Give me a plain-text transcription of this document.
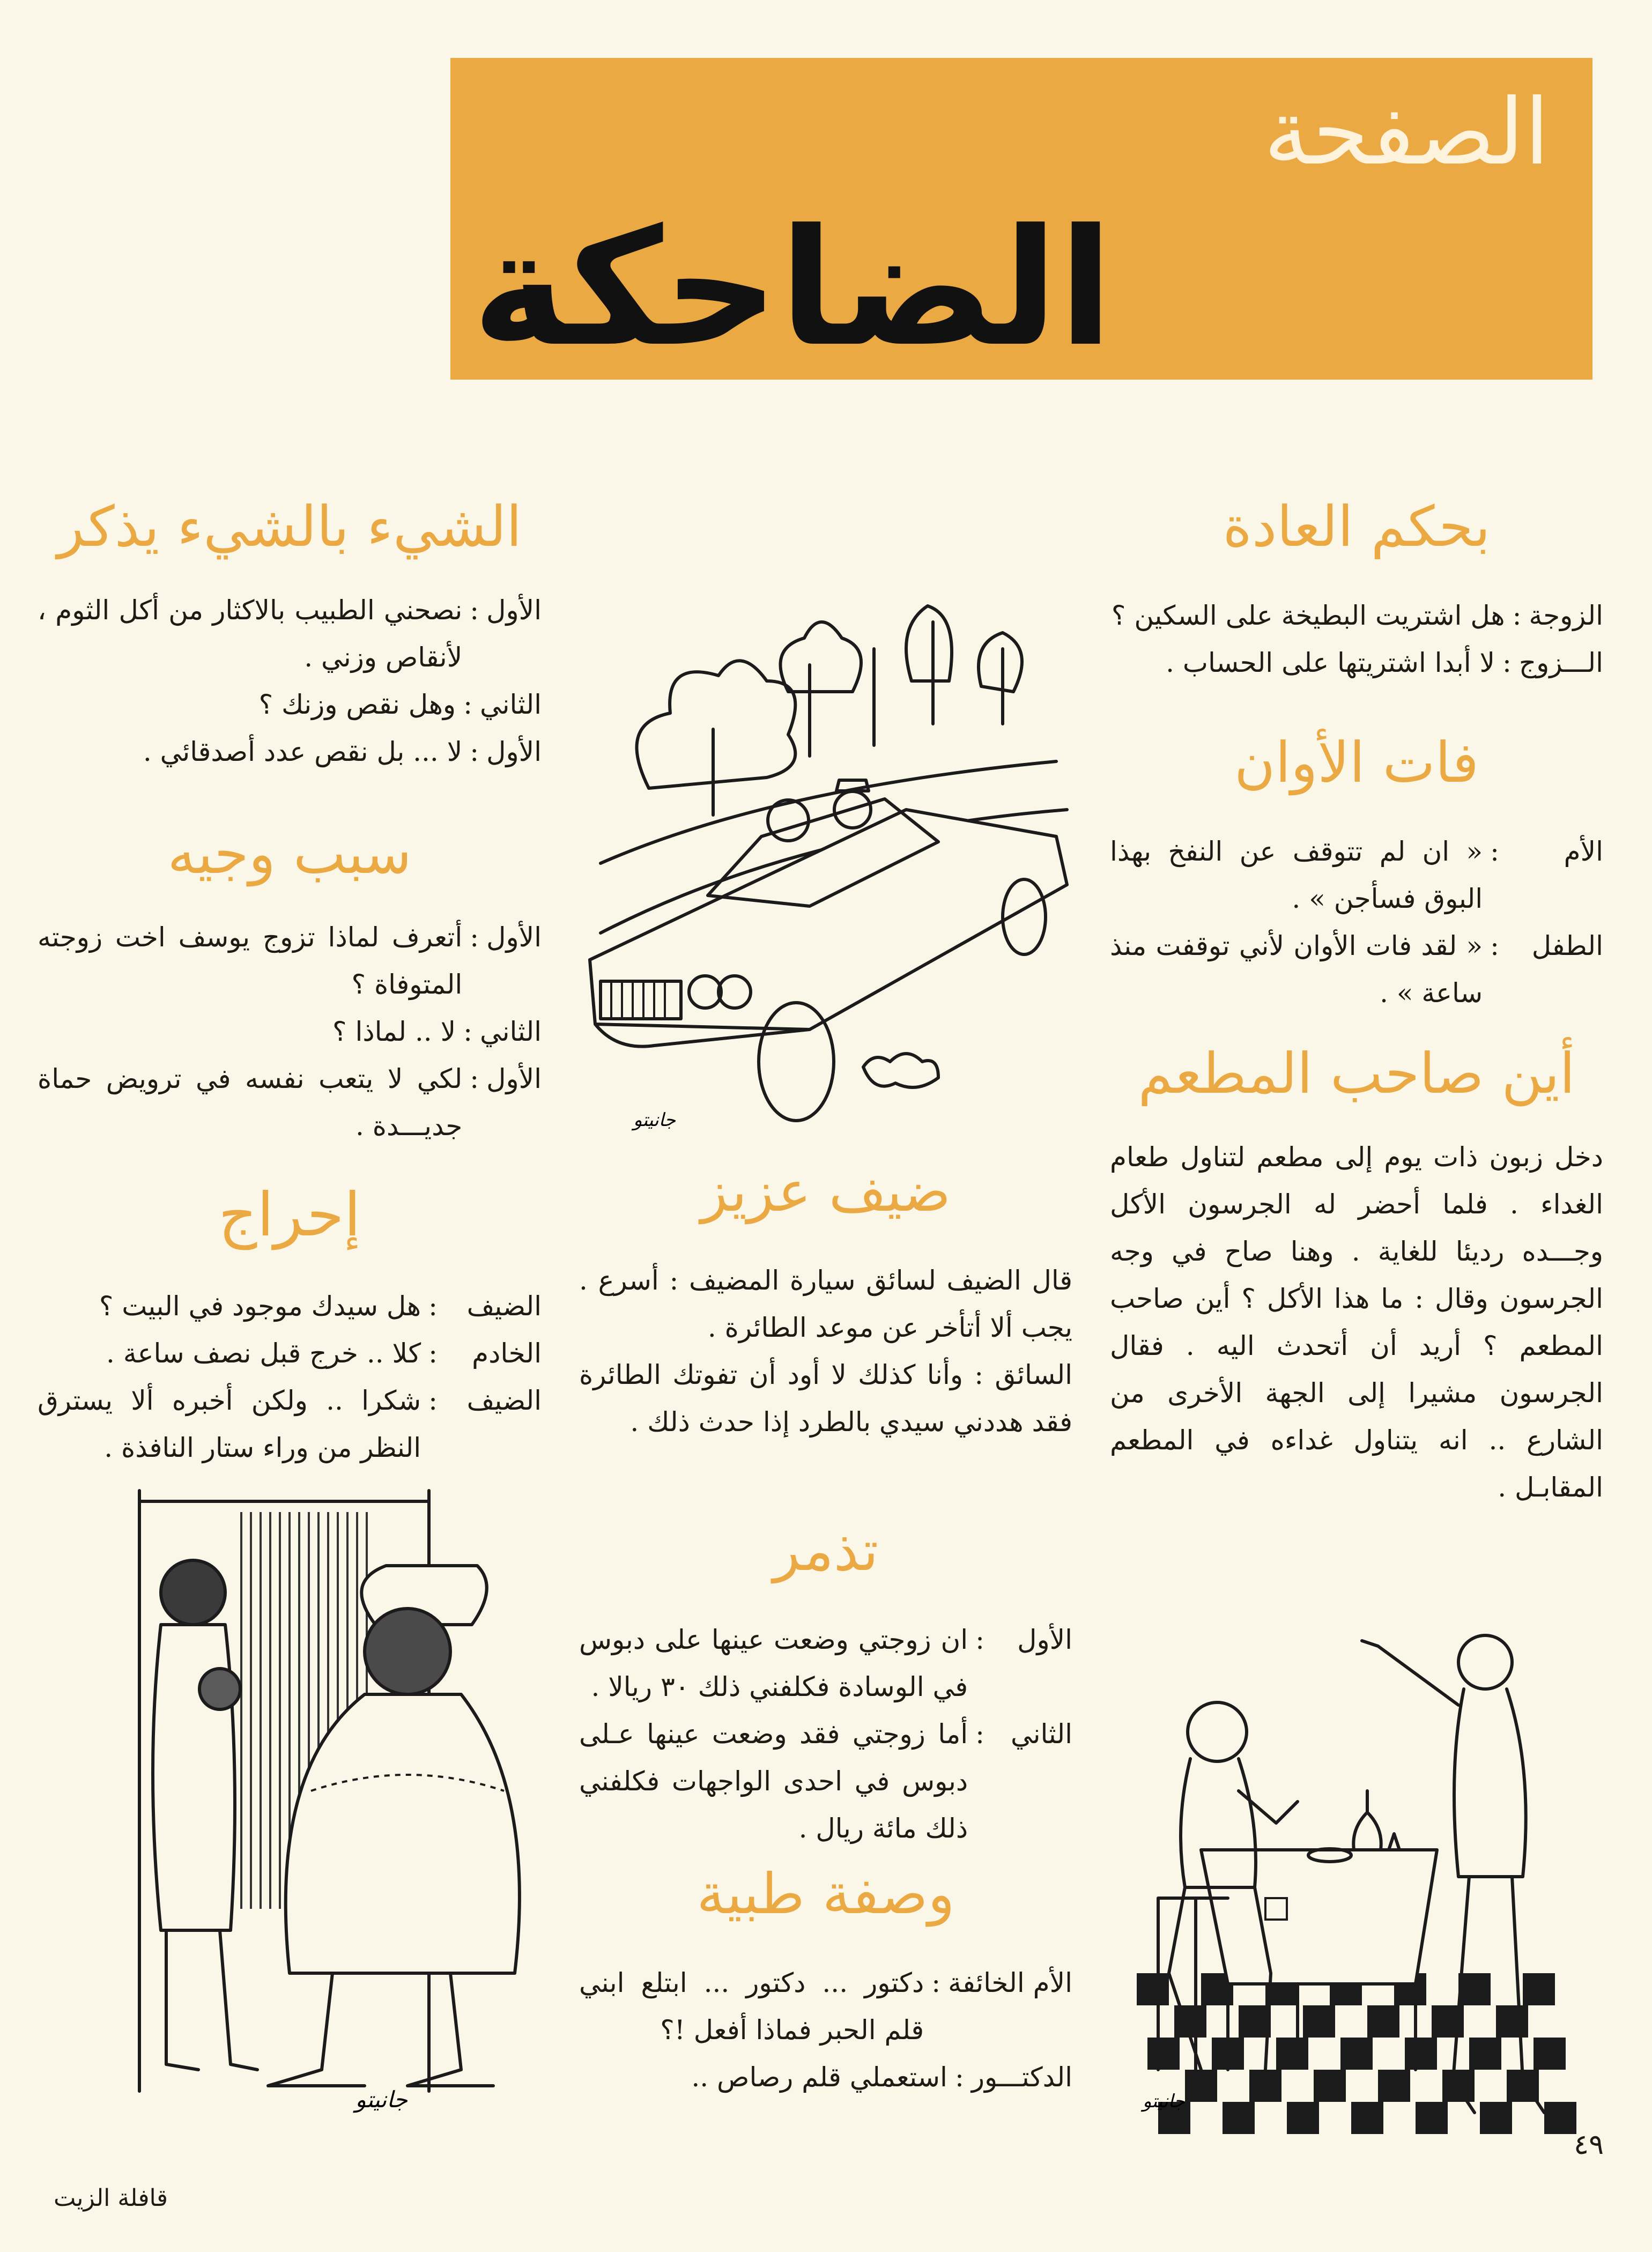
الصفحة
الضاحكة
بحكم العادة
الزوجة
:
هل اشتريت البطيخة على السكين ؟
الـــزوج
:
لا أبدا اشتريتها على الحساب .
فات الأوان
الأم
:
« ان لم تتوقف عن النفخ بهذا البوق فسأجن » .
الطفل
:
« لقد فات الأوان لأني توقفت منذ ساعة » .
أين صاحب المطعم
دخل زبون ذات يوم إلى مطعم لتناول طعام الغداء . فلما أحضر له الجرسون الأكل وجـــده رديئا للغاية . وهنا صاح في وجه الجرسون وقال : ما هذا الأكل ؟ أين صاحب المطعم ؟ أريد أن أتحدث اليه . فقال الجرسون مشيرا إلى الجهة الأخرى من الشارع .. انه يتناول غداءه في المطعم المقابـل .
جانيتو
جانيتو
ضيف عزيز
قال الضيف لسائق سيارة المضيف : أسرع . يجب ألا أتأخر عن موعد الطائرة .
السائق : وأنا كذلك لا أود أن تفوتك الطائرة فقد هددني سيدي بالطرد إذا حدث ذلك .
تذمر
الأول
:
ان زوجتي وضعت عينها على دبوس في الوسادة فكلفني ذلك ٣٠ ريالا .
الثاني
:
أما زوجتي فقد وضعت عينها عـلى دبوس في احدى الواجهات فكلفني ذلك مائة ريال .
وصفة طبية
الأم الخائفة
:
دكتور ... دكتور ... ابتلع ابني قلم الحبر فماذا أفعل !؟
الدكتـــور
:
استعملي قلم رصاص ..
الشيء بالشيء يذكر
الأول
:
نصحني الطبيب بالاكثار من أكل الثوم ، لأنقاص وزني .
الثاني
:
وهل نقص وزنك ؟
الأول
:
لا ... بل نقص عدد أصدقائي .
سبب وجيه
الأول
:
أتعرف لماذا تزوج يوسف اخت زوجته المتوفاة ؟
الثاني
:
لا .. لماذا ؟
الأول
:
لكي لا يتعب نفسه في ترويض حماة جديـــدة .
إحراج
الضيف
:
هل سيدك موجود في البيت ؟
الخادم
:
كلا .. خرج قبل نصف ساعة .
الضيف
:
شكرا .. ولكن أخبره ألا يسترق النظر من وراء ستار النافذة .
جانيتو
٤٩
قافلة الزيت
